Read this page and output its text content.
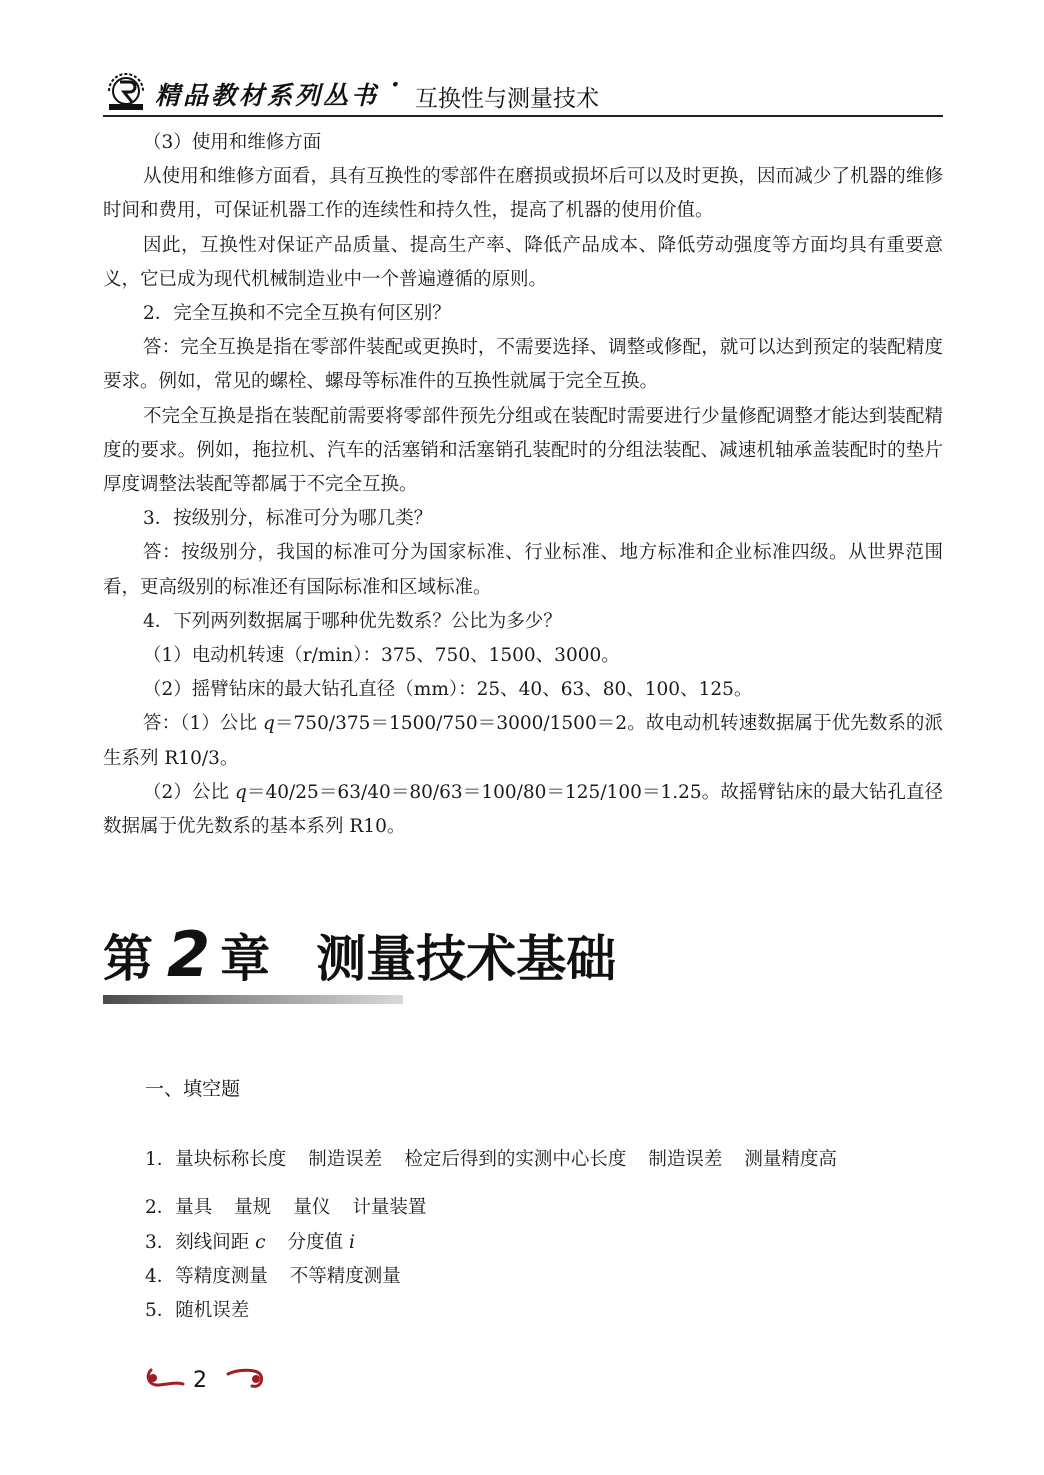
精品教材系列丛书 · 互换性与测量技术

（3）使用和维修方面

从使用和维修方面看，具有互换性的零部件在磨损或损坏后可以及时更换，因而减少了机器的维修时间和费用，可保证机器工作的连续性和持久性，提高了机器的使用价值。

因此，互换性对保证产品质量、提高生产率、降低产品成本、降低劳动强度等方面均具有重要意义，它已成为现代机械制造业中一个普遍遵循的原则。

2．完全互换和不完全互换有何区别？

答：完全互换是指在零部件装配或更换时，不需要选择、调整或修配，就可以达到预定的装配精度要求。例如，常见的螺栓、螺母等标准件的互换性就属于完全互换。

不完全互换是指在装配前需要将零部件预先分组或在装配时需要进行少量修配调整才能达到装配精度的要求。例如，拖拉机、汽车的活塞销和活塞销孔装配时的分组法装配、减速机轴承盖装配时的垫片厚度调整法装配等都属于不完全互换。

3．按级别分，标准可分为哪几类？

答：按级别分，我国的标准可分为国家标准、行业标准、地方标准和企业标准四级。从世界范围看，更高级别的标准还有国际标准和区域标准。

4．下列两列数据属于哪种优先数系？公比为多少？

（1）电动机转速（r/min）：375、750、1500、3000。

（2）摇臂钻床的最大钻孔直径（mm）：25、40、63、80、100、125。

答：（1）公比 q＝750/375＝1500/750＝3000/1500＝2。故电动机转速数据属于优先数系的派生系列 R10/3。

（2）公比 q＝40/25＝63/40＝80/63＝100/80＝125/100＝1.25。故摇臂钻床的最大钻孔直径数据属于优先数系的基本系列 R10。

第 2 章 测量技术基础
一、填空题
1．量块标称长度 制造误差 检定后得到的实测中心长度 制造误差 测量精度高
2．量具 量规 量仪 计量装置
3．刻线间距 c 分度值 i
4．等精度测量 不等精度测量
5．随机误差
2
